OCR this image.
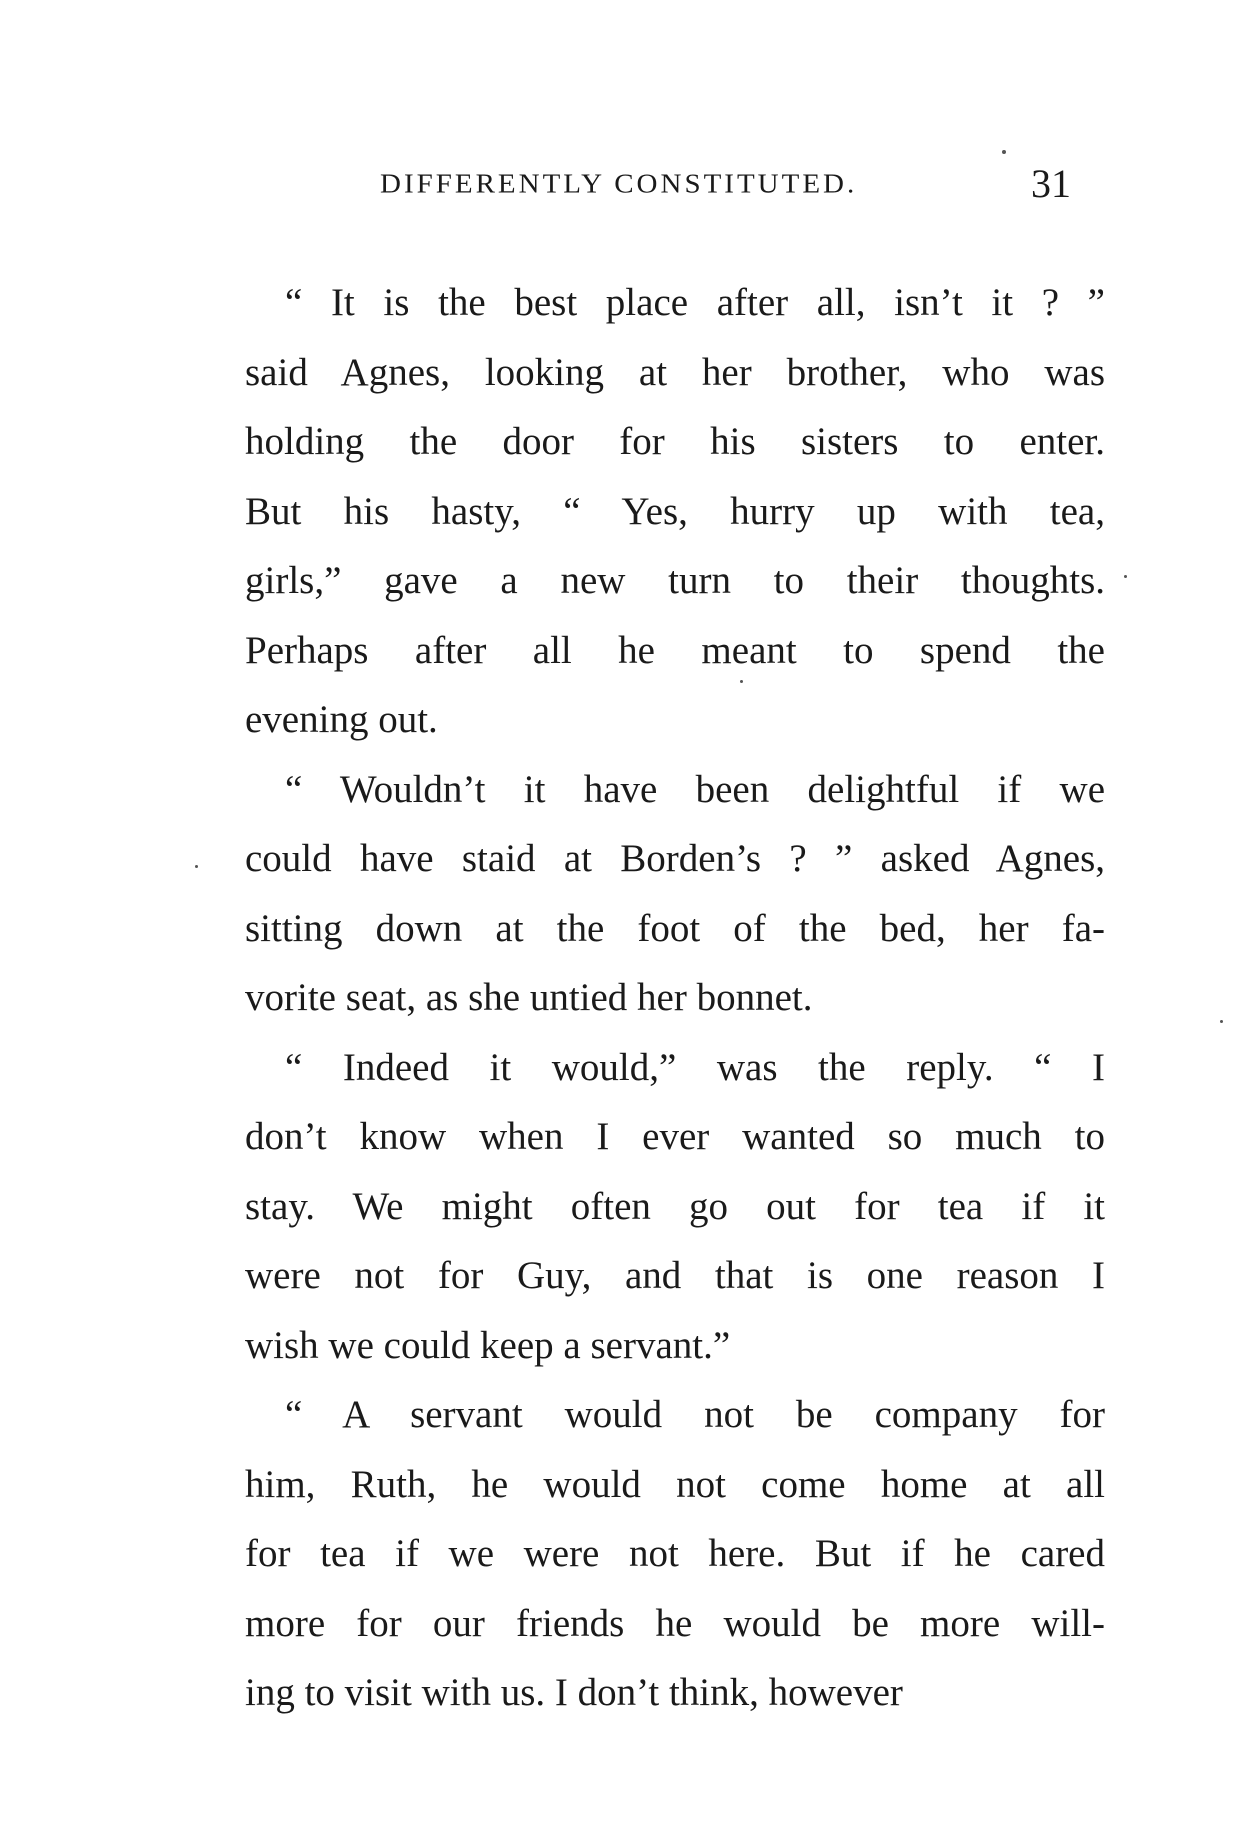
DIFFERENTLY CONSTITUTED.	31
“ It is the best place after all, isn’t it ? ”
said Agnes, looking at her brother, who was
holding the door for his sisters to enter.
But his hasty, “ Yes, hurry up with tea,
girls,” gave a new turn to their thoughts.
Perhaps after all he meant to spend the
evening out.
“ Wouldn’t it have been delightful if we
could have staid at Borden’s ? ” asked Agnes,
sitting down at the foot of the bed, her fa-
vorite seat, as she untied her bonnet.
“ Indeed it would,” was the reply. “ I
don’t know when I ever wanted so much to
stay. We might often go out for tea if it
were not for Guy, and that is one reason I
wish we could keep a servant.”
“ A servant would not be company for
him, Ruth, he would not come home at all
for tea if we were not here. But if he cared
more for our friends he would be more will-
ing to visit with us. I don’t think, however
